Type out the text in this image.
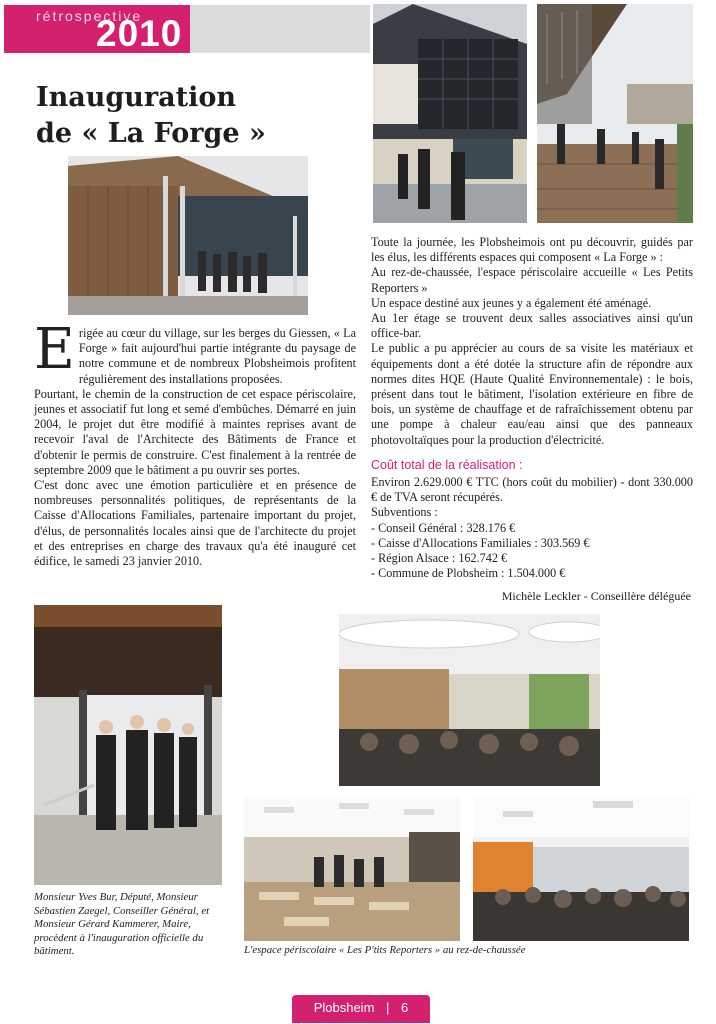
rétrospective
2010
Inauguration
de « La Forge »

Erigée au cœur du village, sur les berges du Giessen, « La Forge » fait aujourd'hui partie intégrante du paysage de notre commune et de nombreux Plobsheimois profitent régulièrement des installations proposées.

Pourtant, le chemin de la construction de cet espace périscolaire, jeunes et associatif fut long et semé d'embûches. Démarré en juin 2004, le projet dut être modifié à maintes reprises avant de recevoir l'aval de l'Architecte des Bâtiments de France et d'obtenir le permis de construire. C'est finalement à la rentrée de septembre 2009 que le bâtiment a pu ouvrir ses portes.

C'est donc avec une émotion particulière et en présence de nombreuses personnalités politiques, de représentants de la Caisse d'Allocations Familiales, partenaire important du projet, d'élus, de personnalités locales ainsi que de l'architecte du projet et des entreprises en charge des travaux qu'a été inauguré cet édifice, le samedi 23 janvier 2010.

Toute la journée, les Plobsheimois ont pu découvrir, guidés par les élus, les différents espaces qui composent « La Forge » :

Au rez-de-chaussée, l'espace périscolaire accueille « Les Petits Reporters »

Un espace destiné aux jeunes y a également été aménagé.

Au 1er étage se trouvent deux salles associatives ainsi qu'un office-bar.

Le public a pu apprécier au cours de sa visite les matériaux et équipements dont a été dotée la structure afin de répondre aux normes dites HQE (Haute Qualité Environnementale) : le bois, présent dans tout le bâtiment, l'isolation extérieure en fibre de bois, un système de chauffage et de rafraîchissement obtenu par une pompe à chaleur eau/eau ainsi que des panneaux photovoltaïques pour la production d'électricité.

Coût total de la réalisation :

Environ 2.629.000 € TTC (hors coût du mobilier) - dont 330.000 € de TVA seront récupérés.

Subventions :

- Conseil Général : 328.176 €
- Caisse d'Allocations Familiales : 303.569 €
- Région Alsace : 162.742 €
- Commune de Plobsheim : 1.504.000 €
Michèle Leckler - Conseillère déléguée
Monsieur Yves Bur, Député, Monsieur Sébastien Zaegel, Conseiller Général, et Monsieur Gérard Kammerer, Maire, procèdent à l'inauguration officielle du bâtiment.	L'espace périscolaire « Les P'tits Reporters » au rez-de-chaussée
Plobsheim | 6
